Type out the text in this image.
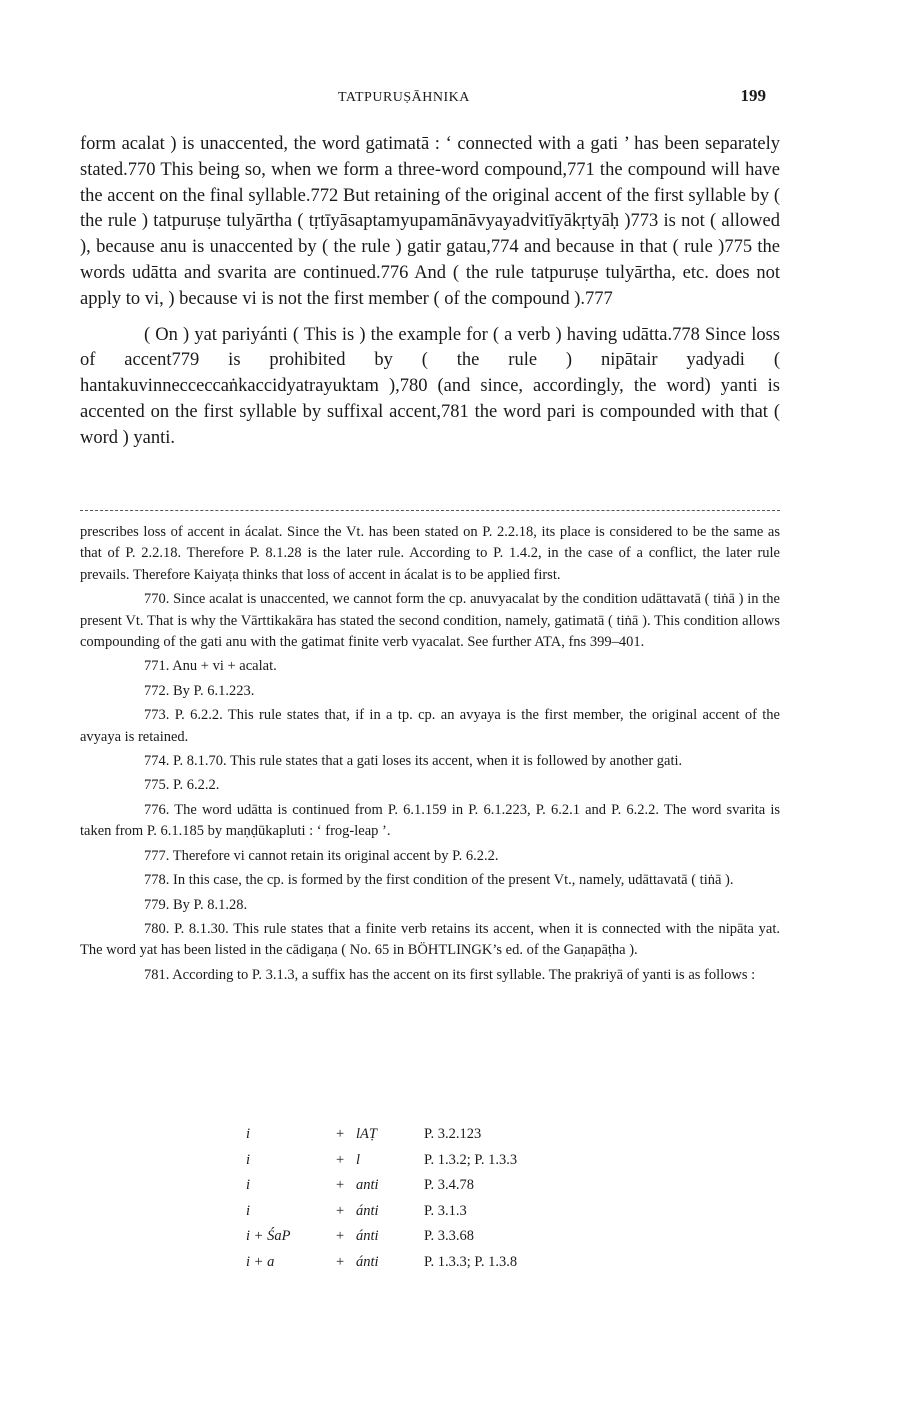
TATPURUṢĀHNIKA	199

form acalat ) is unaccented, the word gatimatā : ‘ connected with a gati ’ has been separately stated.770 This being so, when we form a three-word compound,771 the compound will have the accent on the final syllable.772 But retaining of the original accent of the first syllable by ( the rule ) tatpuruṣe tulyārtha ( tṛtīyāsaptamyupamānāvyayadvitīyākṛtyāḥ )773 is not ( allowed ), because anu is unaccented by ( the rule ) gatir gatau,774 and because in that ( rule )775 the words udātta and svarita are continued.776 And ( the rule tatpuruṣe tulyārtha, etc. does not apply to vi, ) because vi is not the first member ( of the compound ).777

( On ) yat pariyánti ( This is ) the example for ( a verb ) having udātta.778 Since loss of accent779 is prohibited by ( the rule ) nipātair yadyadi ( hantakuvinnecceccaṅkaccidyatrayuktam ),780 (and since, accordingly, the word) yanti is accented on the first syllable by suffixal accent,781 the word pari is compounded with that ( word ) yanti.

prescribes loss of accent in ácalat. Since the Vt. has been stated on P. 2.2.18, its place is considered to be the same as that of P. 2.2.18. Therefore P. 8.1.28 is the later rule. According to P. 1.4.2, in the case of a conflict, the later rule prevails. Therefore Kaiyaṭa thinks that loss of accent in ácalat is to be applied first.

770. Since acalat is unaccented, we cannot form the cp. anuvyacalat by the condition udāttavatā ( tiṅā ) in the present Vt. That is why the Vārttikakāra has stated the second condition, namely, gatimatā ( tiṅā ). This condition allows compounding of the gati anu with the gatimat finite verb vyacalat. See further ATA, fns 399–401.

771. Anu + vi + acalat.

772. By P. 6.1.223.

773. P. 6.2.2. This rule states that, if in a tp. cp. an avyaya is the first member, the original accent of the avyaya is retained.

774. P. 8.1.70. This rule states that a gati loses its accent, when it is followed by another gati.

775. P. 6.2.2.

776. The word udātta is continued from P. 6.1.159 in P. 6.1.223, P. 6.2.1 and P. 6.2.2. The word svarita is taken from P. 6.1.185 by maṇḍūkapluti : ‘ frog-leap ’.

777. Therefore vi cannot retain its original accent by P. 6.2.2.

778. In this case, the cp. is formed by the first condition of the present Vt., namely, udāttavatā ( tiṅā ).

779. By P. 8.1.28.

780. P. 8.1.30. This rule states that a finite verb retains its accent, when it is connected with the nipāta yat. The word yat has been listed in the cādigaṇa ( No. 65 in BÖHTLINGK’s ed. of the Gaṇapāṭha ).

781. According to P. 3.1.3, a suffix has the accent on its first syllable. The prakriyā of yanti is as follows :

i	+ lAṬ	P. 3.2.123
i	+ l	P. 1.3.2; P. 1.3.3
i	+ anti	P. 3.4.78
i	+ ánti	P. 3.1.3
i + ŚaP	+ ánti	P. 3.3.68
i + a	+ ánti	P. 1.3.3; P. 1.3.8
